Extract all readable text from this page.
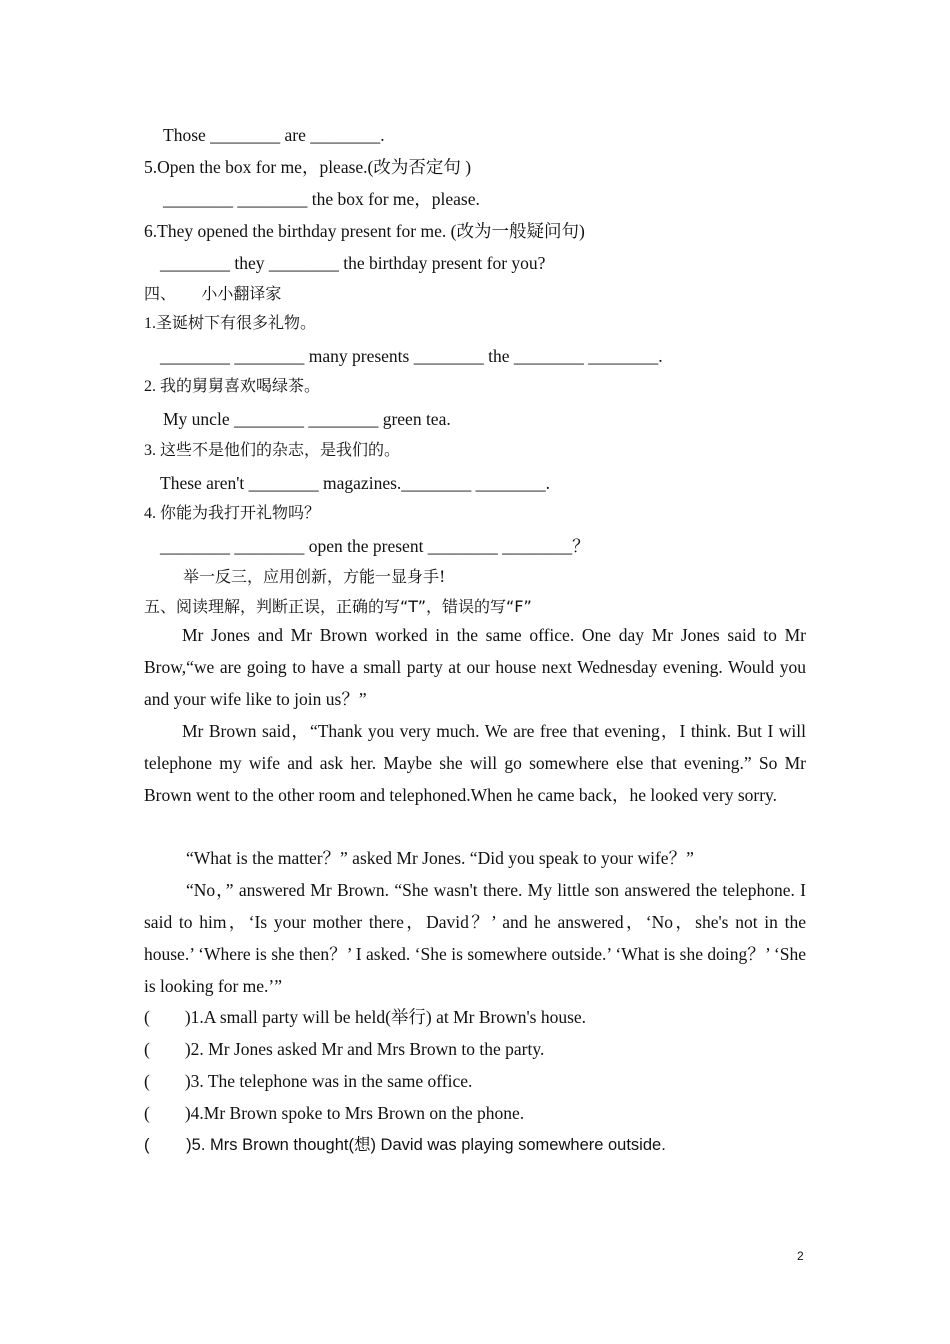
Those ________ are ________.
5.Open the box for me，please.(改为否定句 )
________ ________ the box for me，please.
6.They opened the birthday present for me. (改为一般疑问句)
________ they ________ the birthday present for you?
四、     小小翻译家
1.圣诞树下有很多礼物。
________ ________ many presents ________ the ________ ________.
2. 我的舅舅喜欢喝绿茶。
My uncle ________ ________ green tea.
3. 这些不是他们的杂志，是我们的。
These aren't ________ magazines.________ ________.
4. 你能为我打开礼物吗？
________ ________ open the present ________ ________？
举一反三，应用创新，方能一显身手!
五、阅读理解，判断正误，正确的写“T”，错误的写“F”

Mr Jones and Mr Brown worked in the same office. One day Mr Jones said to Mr Brow,“we are going to have a small party at our house next Wednesday evening. Would you and your wife like to join us？”

Mr Brown said，“Thank you very much. We are free that evening，I think. But I will telephone my wife and ask her. Maybe she will go somewhere else that evening.” So Mr Brown went to the other room and telephoned.When he came back，he looked very sorry.

“What is the matter？” asked Mr Jones. “Did you speak to your wife？”

“No，” answered Mr Brown. “She wasn't there. My little son answered the telephone. I said to him，‘Is your mother there，David？’ and he answered，‘No，she's not in the house.’ ‘Where is she then？’ I asked. ‘She is somewhere outside.’ ‘What is she doing？’ ‘She is looking for me.’”

(        )1.A small party will be held(举行) at Mr Brown's house.
(        )2. Mr Jones asked Mr and Mrs Brown to the party.
(        )3. The telephone was in the same office.
(        )4.Mr Brown spoke to Mrs Brown on the phone.
(        )5. Mrs Brown thought(想) David was playing somewhere outside.
2
